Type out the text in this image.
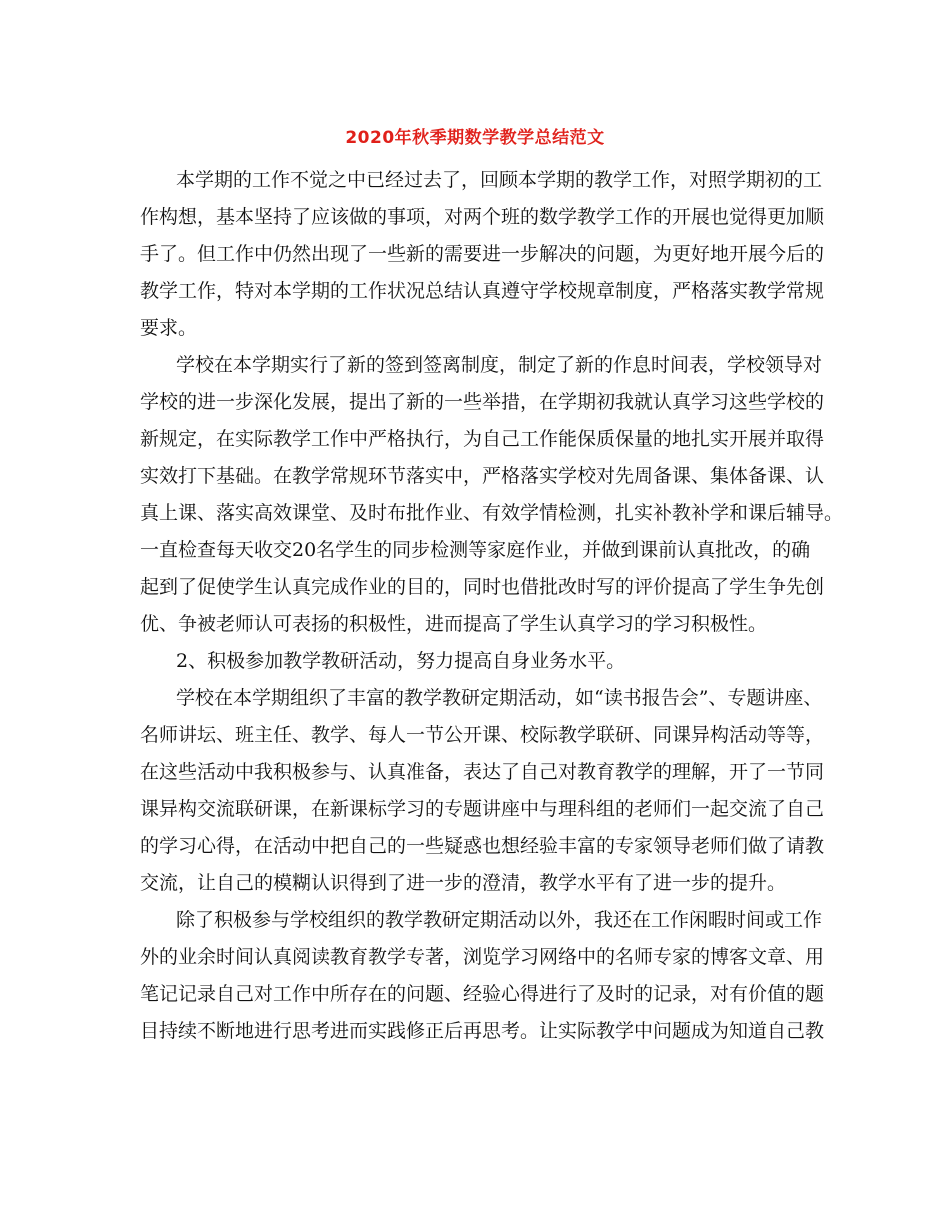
2020年秋季期数学教学总结范文
本学期的工作不觉之中已经过去了，回顾本学期的教学工作，对照学期初的工
作构想，基本坚持了应该做的事项，对两个班的数学教学工作的开展也觉得更加顺
手了。但工作中仍然出现了一些新的需要进一步解决的问题，为更好地开展今后的
教学工作，特对本学期的工作状况总结认真遵守学校规章制度，严格落实教学常规
要求。
学校在本学期实行了新的签到签离制度，制定了新的作息时间表，学校领导对
学校的进一步深化发展，提出了新的一些举措，在学期初我就认真学习这些学校的
新规定，在实际教学工作中严格执行，为自己工作能保质保量的地扎实开展并取得
实效打下基础。在教学常规环节落实中，严格落实学校对先周备课、集体备课、认
真上课、落实高效课堂、及时布批作业、有效学情检测，扎实补教补学和课后辅导。
一直检查每天收交20名学生的同步检测等家庭作业，并做到课前认真批改，的确
起到了促使学生认真完成作业的目的，同时也借批改时写的评价提高了学生争先创
优、争被老师认可表扬的积极性，进而提高了学生认真学习的学习积极性。
2、积极参加教学教研活动，努力提高自身业务水平。
学校在本学期组织了丰富的教学教研定期活动，如“读书报告会”、专题讲座、
名师讲坛、班主任、教学、每人一节公开课、校际教学联研、同课异构活动等等，
在这些活动中我积极参与、认真准备，表达了自己对教育教学的理解，开了一节同
课异构交流联研课，在新课标学习的专题讲座中与理科组的老师们一起交流了自己
的学习心得，在活动中把自己的一些疑惑也想经验丰富的专家领导老师们做了请教
交流，让自己的模糊认识得到了进一步的澄清，教学水平有了进一步的提升。
除了积极参与学校组织的教学教研定期活动以外，我还在工作闲暇时间或工作
外的业余时间认真阅读教育教学专著，浏览学习网络中的名师专家的博客文章、用
笔记记录自己对工作中所存在的问题、经验心得进行了及时的记录，对有价值的题
目持续不断地进行思考进而实践修正后再思考。让实际教学中问题成为知道自己教
